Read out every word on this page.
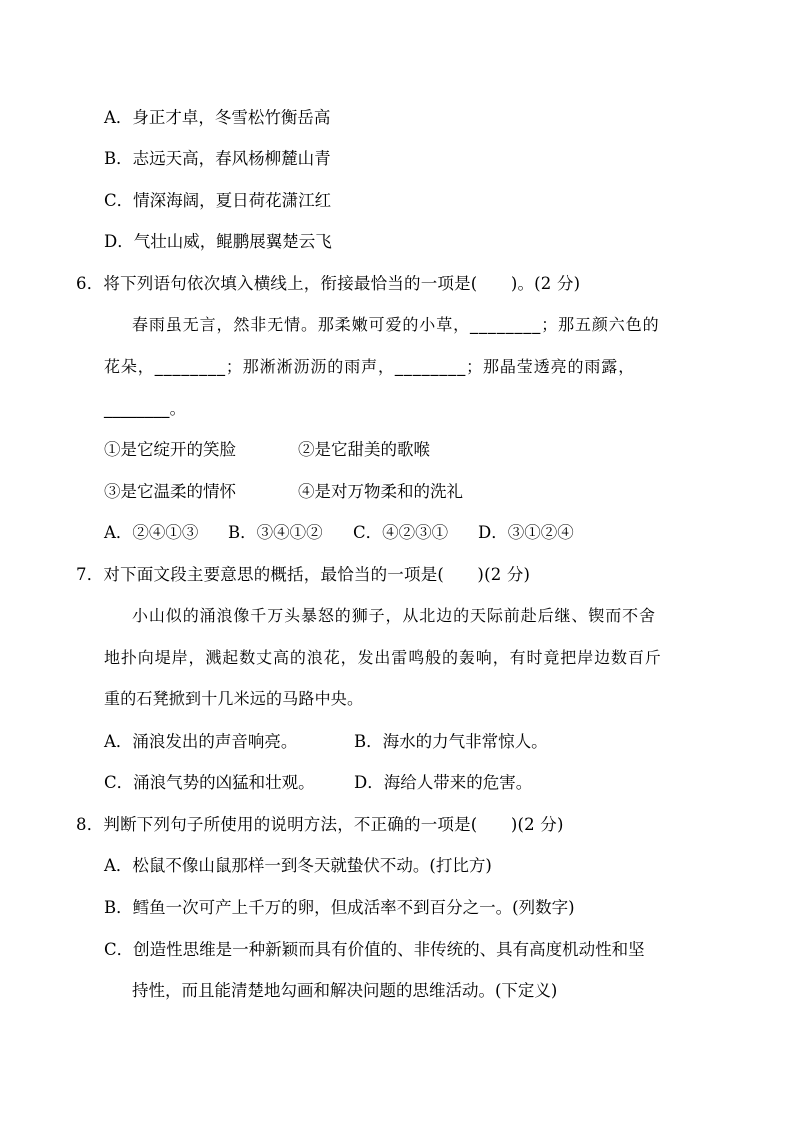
A．身正才卓，冬雪松竹衡岳高
B．志远天高，春风杨柳麓山青
C．情深海阔，夏日荷花潇江红
D．气壮山威，鲲鹏展翼楚云飞
6．将下列语句依次填入横线上，衔接最恰当的一项是(　　)。(2 分)
春雨虽无言，然非无情。那柔嫩可爱的小草，________；那五颜六色的
花朵，________；那淅淅沥沥的雨声，________；那晶莹透亮的雨露，
________。
①是它绽开的笑脸	②是它甜美的歌喉
③是它温柔的情怀	④是对万物柔和的洗礼
A．②④①③ B．③④①② C．④②③① D．③①②④
7．对下面文段主要意思的概括，最恰当的一项是(　　)(2 分)
小山似的涌浪像千万头暴怒的狮子，从北边的天际前赴后继、锲而不舍
地扑向堤岸，溅起数丈高的浪花，发出雷鸣般的轰响，有时竟把岸边数百斤
重的石凳掀到十几米远的马路中央。
A．涌浪发出的声音响亮。	B．海水的力气非常惊人。
C．涌浪气势的凶猛和壮观。 D．海给人带来的危害。
8．判断下列句子所使用的说明方法，不正确的一项是(　　)(2 分)
A．松鼠不像山鼠那样一到冬天就蛰伏不动。(打比方)
B．鳕鱼一次可产上千万的卵，但成活率不到百分之一。(列数字)
C．创造性思维是一种新颖而具有价值的、非传统的、具有高度机动性和坚
持性，而且能清楚地勾画和解决问题的思维活动。(下定义)
